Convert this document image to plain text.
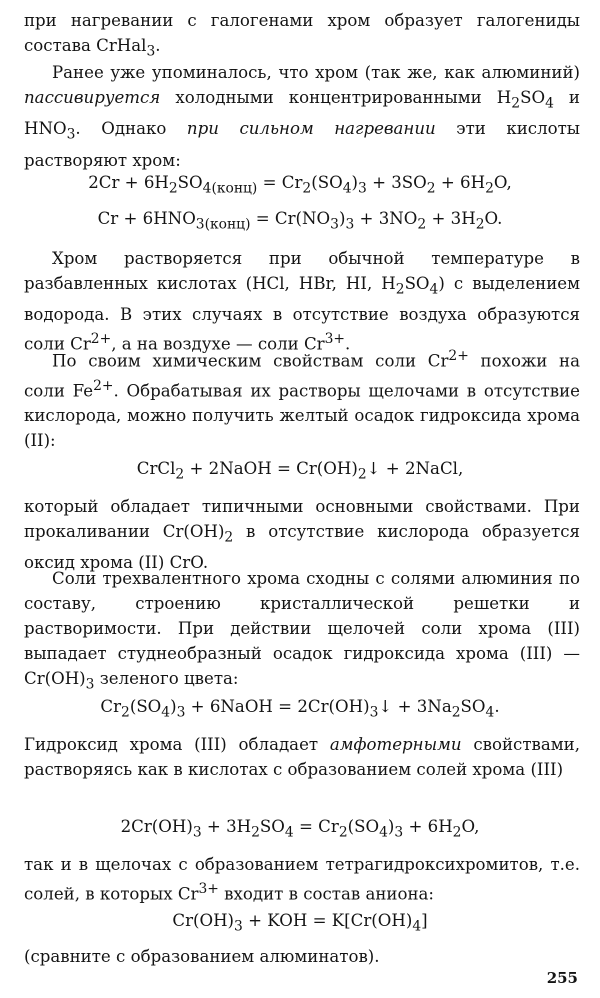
при нагревании с галогенами хром образует галогениды состава CrHal$_3$.
Ранее уже упоминалось, что хром (так же, как алюминий) пассивируется холодными концентрированными $H_2SO_4$ и $HNO_3$. Однако при сильном нагревании эти кислоты растворяют хром:
$2Cr + 6H_2SO_{4(конц)} = Cr_2(SO_4)_3 + 3SO_2 + 6H_2O$,
$Cr + 6HNO_{3(конц)} = Cr(NO_3)_3 + 3NO_2 + 3H_2O$.
Хром растворяется при обычной температуре в разбавленных кислотах (HCl, HBr, HI, $H_2SO_4$) с выделением водорода. В этих случаях в отсутствие воздуха образуются соли $Cr^{2+}$, а на воздухе — соли $Cr^{3+}$.
По своим химическим свойствам соли $Cr^{2+}$ похожи на соли $Fe^{2+}$. Обрабатывая их растворы щелочами в отсутствие кислорода, можно получить желтый осадок гидроксида хрома (II):
CrCl$_2$ + 2NaOH = $Cr(OH)_2↓$ + 2NaCl,
который обладает типичными основными свойствами. При прокаливании $Cr(OH)_2$ в отсутствие кислорода образуется оксид хрома (II) CrO.
Соли трехвалентного хрома сходны с солями алюминия по составу, строению кристаллической решетки и растворимости. При действии щелочей соли хрома (III) выпадает студнеобразный осадок гидроксида хрома (III) — $Cr(OH)_3$ зеленого цвета:
$Cr_2(SO_4)_3$ + 6NaOH = $2Cr(OH)_3↓ + 3Na_2SO_4$.
Гидроксид хрома (III) обладает амфотерными свойствами, растворяясь как в кислотах с образованием солей хрома (III)
$2Cr(OH)_3 + 3H_2SO_4 = Cr_2(SO_4)_3 + 6H_2O$,
так и в щелочах с образованием тетрагидроксихромитов, т.е. солей, в которых $Cr^{3+}$ входит в состав аниона:
$Cr(OH)_3$ + KOH = $K[Cr(OH)_4]$
(сравните с образованием алюминатов).
255
